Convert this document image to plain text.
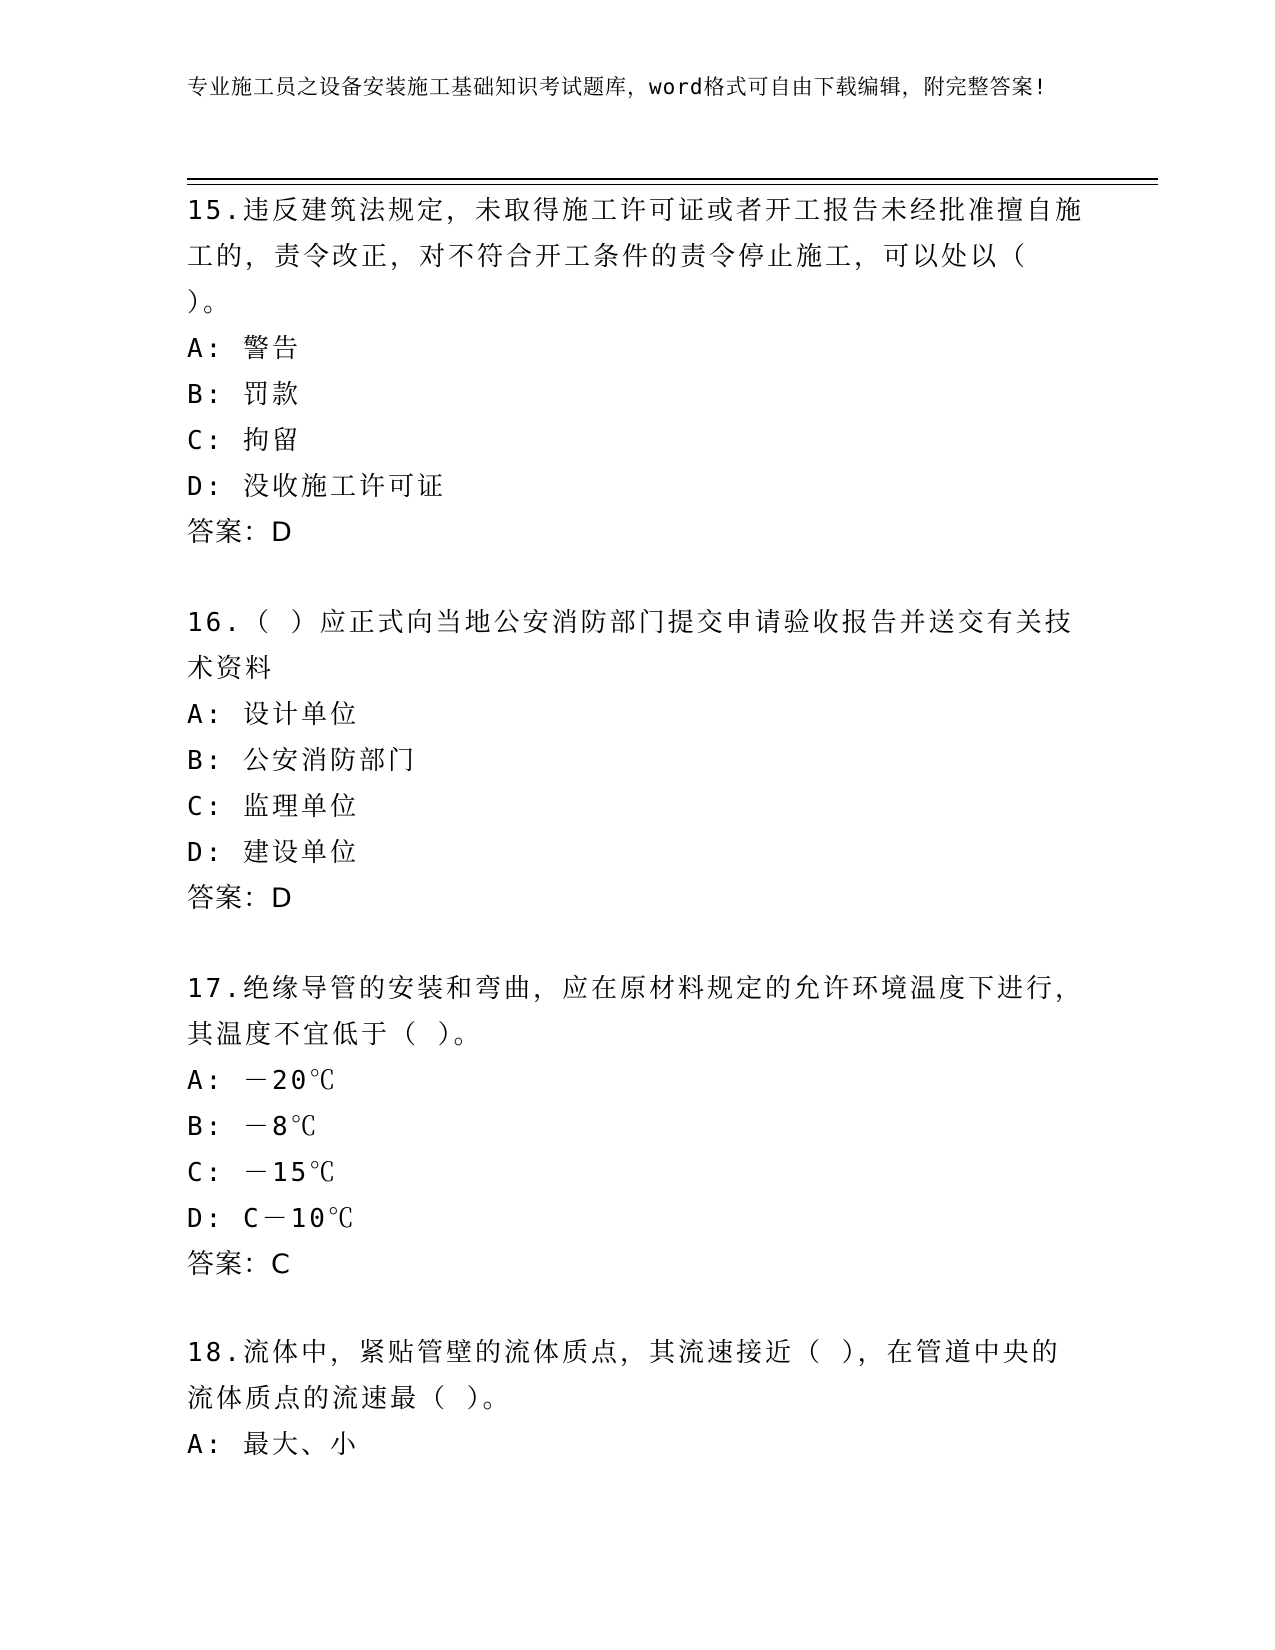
专业施工员之设备安装施工基础知识考试题库，word格式可自由下载编辑，附完整答案!
15.违反建筑法规定，未取得施工许可证或者开工报告未经批准擅自施工的，责令改正，对不符合开工条件的责令停止施工，可以处以（ ）。
A: 警告
B: 罚款
C: 拘留
D: 没收施工许可证
答案：D
16.（ ）应正式向当地公安消防部门提交申请验收报告并送交有关技术资料
A: 设计单位
B: 公安消防部门
C: 监理单位
D: 建设单位
答案：D
17.绝缘导管的安装和弯曲，应在原材料规定的允许环境温度下进行，其温度不宜低于（ ）。
A: －20℃
B: －8℃
C: －15℃
D: C－10℃
答案：C
18.流体中，紧贴管壁的流体质点，其流速接近（ ），在管道中央的流体质点的流速最（ ）。
A: 最大、小
